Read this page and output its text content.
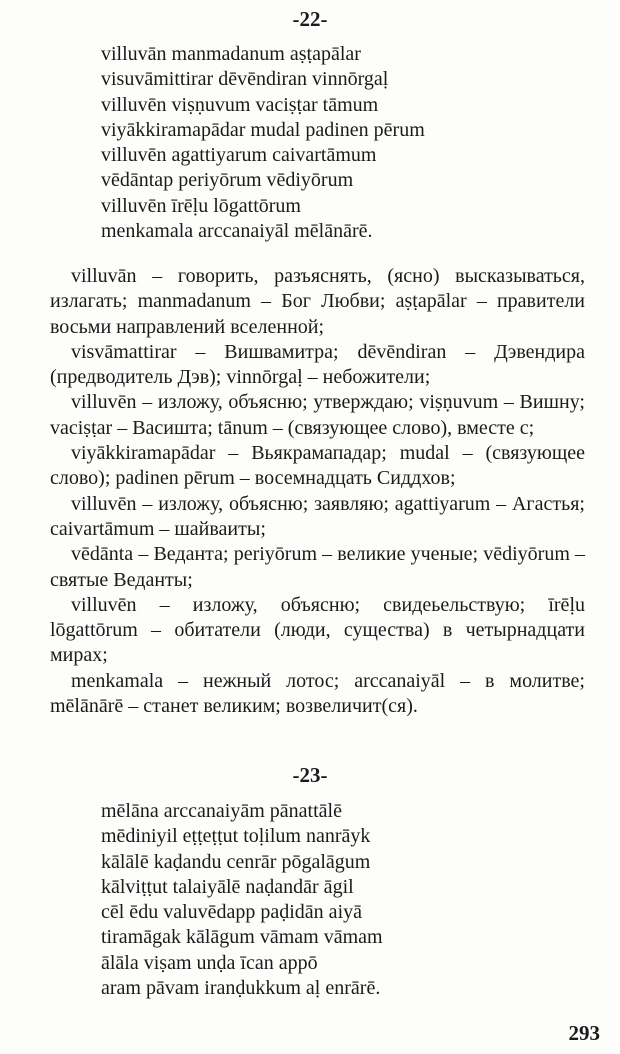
-22-
villuvān manmadanum aṣṭapālar
visuvāmittirar dēvēndiran vinnōrgaḷ
villuvēn viṣṇuvum vaciṣṭar tāmum
viyākkiramapādar mudal padinen pērum
villuvēn agattiyarum caivartāmum
vēdāntap periyōrum vēdiyōrum
villuvēn īrēḷu lōgattōrum
menkamala arccanaiyāl mēlānārē.

villuvān – говорить, разъяснять, (ясно) высказываться, излагать; manmadanum – Бог Любви; aṣṭapālar – правители восьми направлений вселенной;

visvāmattirar – Вишвамитра; dēvēndiran – Дэвендира (предводитель Дэв); vinnōrgaḷ – небожители;

villuvēn – изложу, объясню; утверждаю; viṣṇuvum – Вишну; vaciṣṭar – Васишта; tānum – (связующее слово), вместе с;

viyākkiramapādar – Вьякрамападар; mudal – (связующее слово); padinen pērum – восемнадцать Сиддхов;

villuvēn – изложу, объясню; заявляю; agattiyarum – Агастья; caivartāmum – шайваиты;

vēdānta – Веданта; periyōrum – великие ученые; vēdiyōrum – святые Веданты;

villuvēn – изложу, объясню; свидеьельствую; īrēḷu lōgattōrum – обитатели (люди, существа) в четырнадцати мирах;

menkamala – нежный лотос; arccanaiyāl – в молитве; mēlānārē – станет великим; возвеличит(ся).

-23-
mēlāna arccanaiyām pānattālē
mēdiniyil eṭṭeṭṭut toḷilum nanrāyk
kālālē kaḍandu cenrār pōgalāgum
kālviṭṭut talaiyālē naḍandār āgil
cēl ēdu valuvēdapp paḍidān aiyā
tiramāgak kālāgum vāmam vāmam
ālāla viṣam unḍa īcan appō
aram pāvam iranḍukkum aḷ enrārē.
293
